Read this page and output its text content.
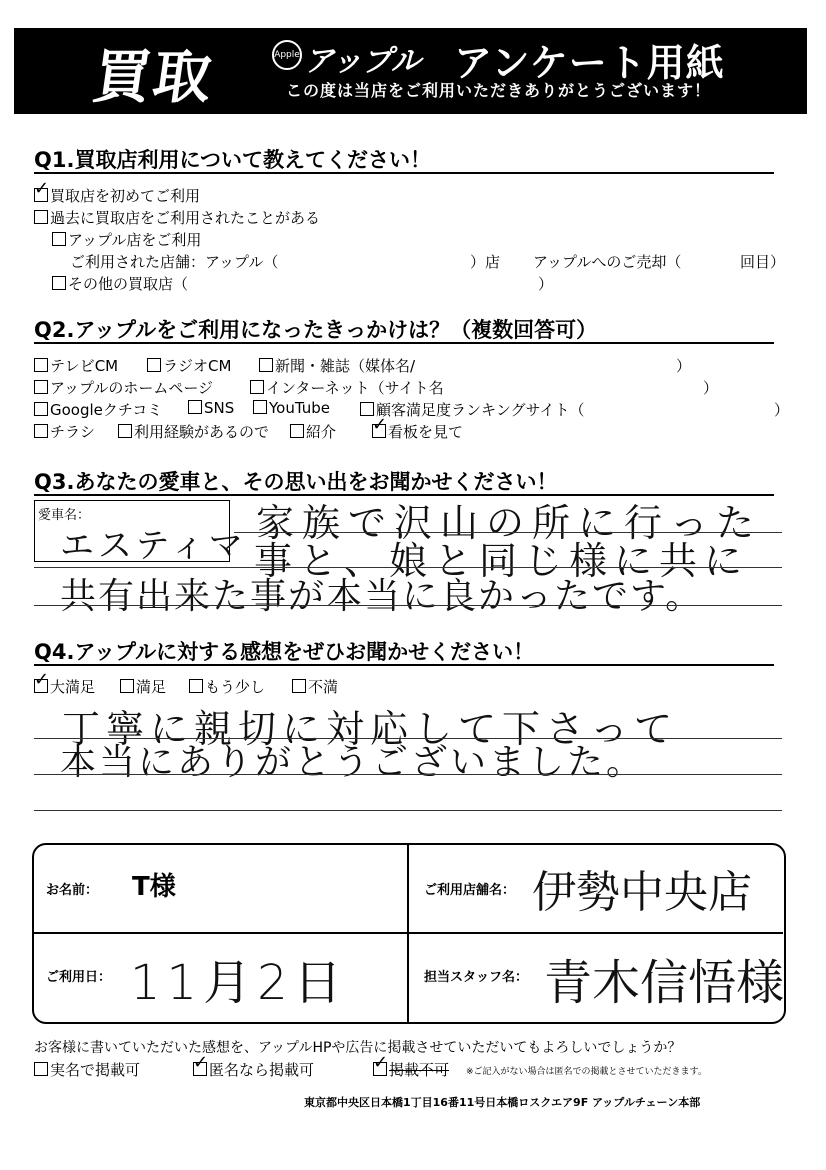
買取	Apple アップル アンケート用紙
この度は当店をご利用いただきありがとうございます！
Q1.買取店利用について教えてください！
✓買取店を初めてご利用
過去に買取店をご利用されたことがある
アップル店をご利用
ご利用された店舗：アップル（	）店 アップルへのご売却（	回目）
その他の買取店（	）
Q2.アップルをご利用になったきっかけは？（複数回答可）
テレビCM	ラジオCM	新聞・雑誌（媒体名/	）
アップルのホームページ	インターネット（サイト名	）
Googleクチコミ	SNS	YouTube	顧客満足度ランキングサイト（	）
チラシ	利用経験があるので	紹介 ✓	看板を見て
Q3.あなたの愛車と、その思い出をお聞かせください！
愛車名：
エスティマ
家族で沢山の所に行った
事と、娘と同じ様に共に
共有出来た事が本当に良かったです。
Q4.アップルに対する感想をぜひお聞かせください！
✓大満足	満足	もう少し	不満
丁寧に親切に対応して下さって
本当にありがとうございました。
お名前： T様	ご利用店舗名： 伊勢中央店
ご利用日： 11月2日	担当スタッフ名： 青木信悟様
お客様に書いていただいた感想を、アップルHPや広告に掲載させていただいてもよろしいでしょうか？
実名で掲載可 ✓	匿名なら掲載可 ✓	掲載不可 ※ご記入がない場合は匿名での掲載とさせていただきます。
東京都中央区日本橋1丁目16番11号日本橋ロスクエア9F アップルチェーン本部
